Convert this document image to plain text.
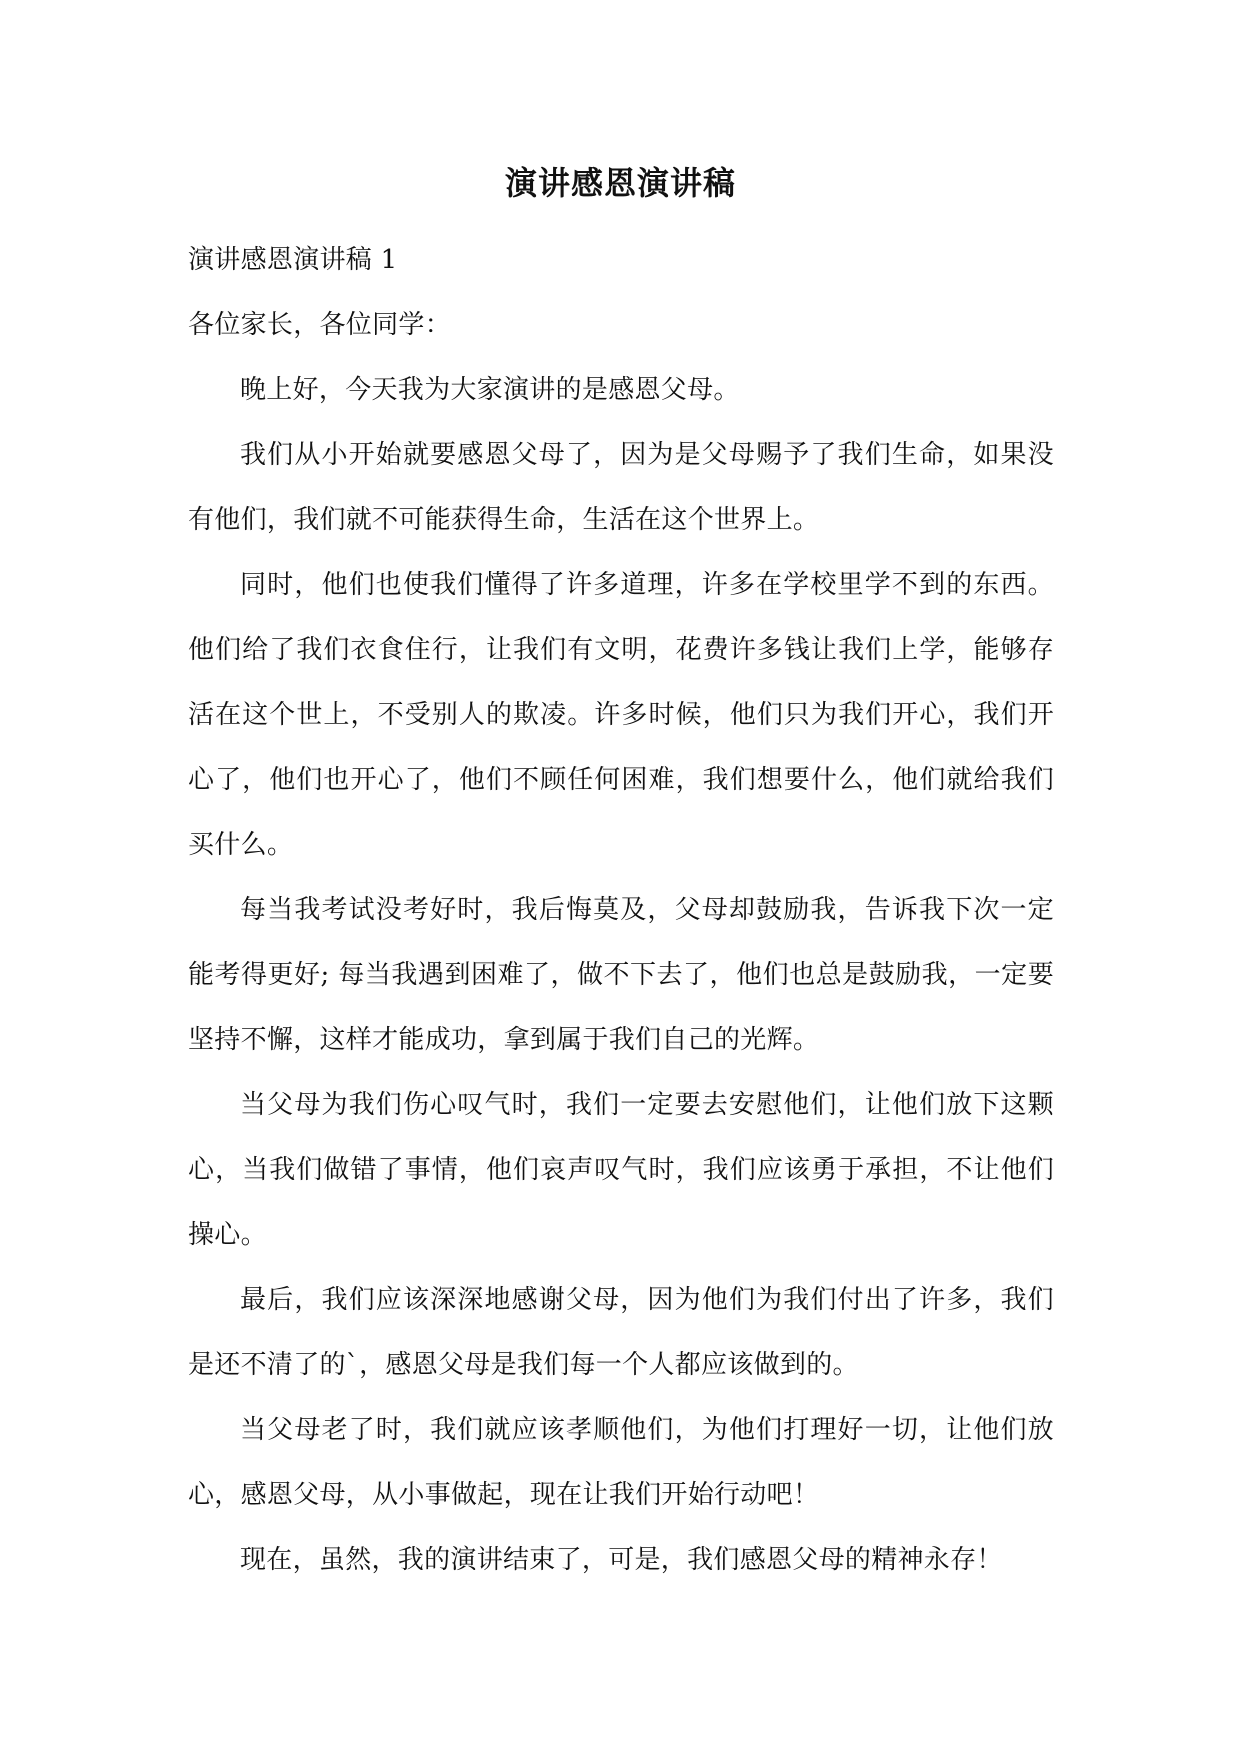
演讲感恩演讲稿

演讲感恩演讲稿 1

各位家长，各位同学：

晚上好，今天我为大家演讲的是感恩父母。

我们从小开始就要感恩父母了，因为是父母赐予了我们生命，如果没有他们，我们就不可能获得生命，生活在这个世界上。

同时，他们也使我们懂得了许多道理，许多在学校里学不到的东西。他们给了我们衣食住行，让我们有文明，花费许多钱让我们上学，能够存活在这个世上，不受别人的欺凌。许多时候，他们只为我们开心，我们开心了，他们也开心了，他们不顾任何困难，我们想要什么，他们就给我们买什么。

每当我考试没考好时，我后悔莫及，父母却鼓励我，告诉我下次一定能考得更好; 每当我遇到困难了，做不下去了，他们也总是鼓励我，一定要坚持不懈，这样才能成功，拿到属于我们自己的光辉。

当父母为我们伤心叹气时，我们一定要去安慰他们，让他们放下这颗心，当我们做错了事情，他们哀声叹气时，我们应该勇于承担，不让他们操心。

最后，我们应该深深地感谢父母，因为他们为我们付出了许多，我们是还不清了的`，感恩父母是我们每一个人都应该做到的。

当父母老了时，我们就应该孝顺他们，为他们打理好一切，让他们放心，感恩父母，从小事做起，现在让我们开始行动吧！

现在，虽然，我的演讲结束了，可是，我们感恩父母的精神永存！
